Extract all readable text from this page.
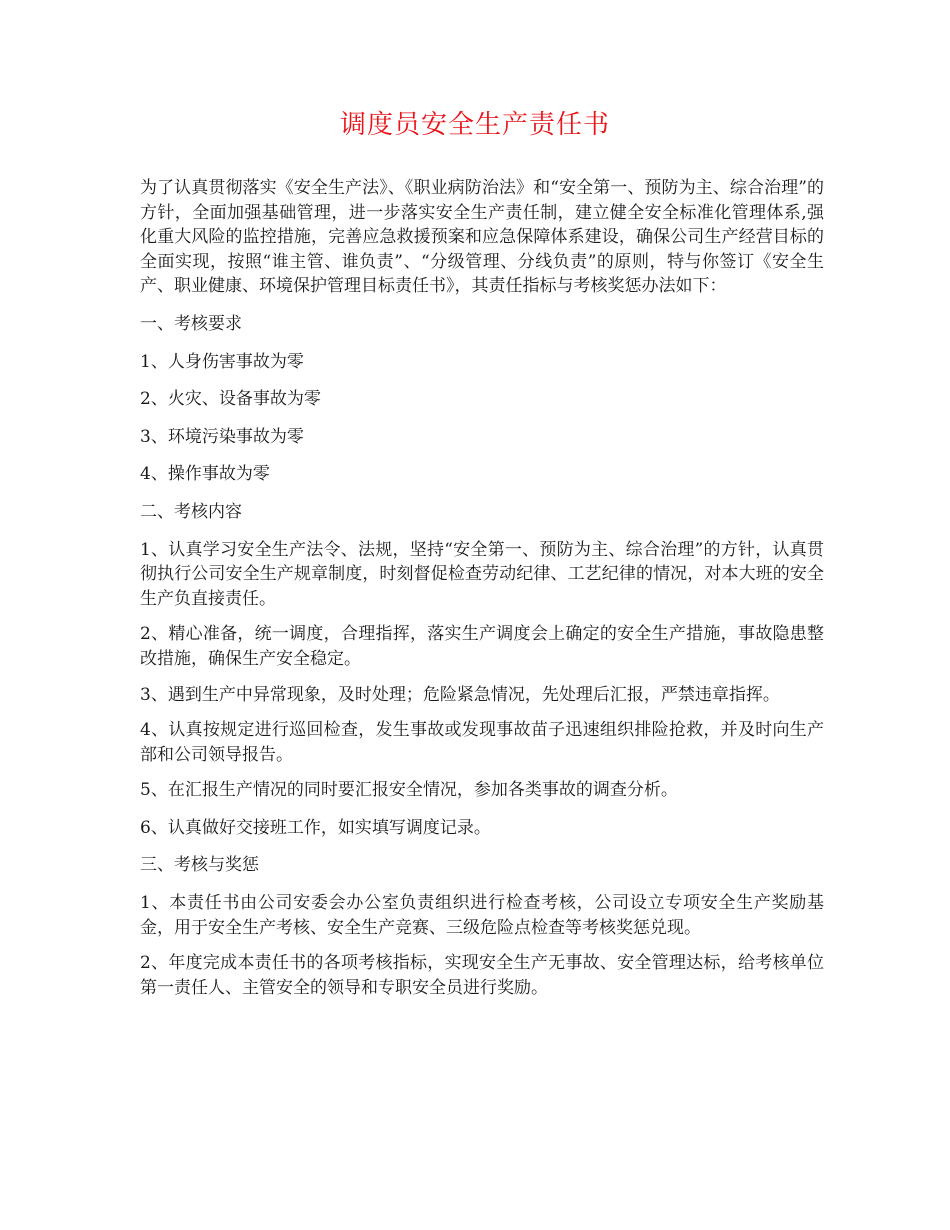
调度员安全生产责任书

为了认真贯彻落实《安全生产法》、《职业病防治法》和“安全第一、预防为主、综合治理”的方针，全面加强基础管理，进一步落实安全生产责任制，建立健全安全标准化管理体系,强化重大风险的监控措施，完善应急救援预案和应急保障体系建设，确保公司生产经营目标的全面实现，按照“谁主管、谁负责”、“分级管理、分线负责”的原则，特与你签订《安全生产、职业健康、环境保护管理目标责任书》，其责任指标与考核奖惩办法如下：

一、考核要求

1、人身伤害事故为零

2、火灾、设备事故为零

3、环境污染事故为零

4、操作事故为零

二、考核内容

1、认真学习安全生产法令、法规，坚持“安全第一、预防为主、综合治理”的方针，认真贯彻执行公司安全生产规章制度，时刻督促检查劳动纪律、工艺纪律的情况，对本大班的安全生产负直接责任。

2、精心准备，统一调度，合理指挥，落实生产调度会上确定的安全生产措施，事故隐患整改措施，确保生产安全稳定。

3、遇到生产中异常现象，及时处理；危险紧急情况，先处理后汇报，严禁违章指挥。

4、认真按规定进行巡回检查，发生事故或发现事故苗子迅速组织排险抢救，并及时向生产部和公司领导报告。

5、在汇报生产情况的同时要汇报安全情况，参加各类事故的调查分析。

6、认真做好交接班工作，如实填写调度记录。

三、考核与奖惩

1、本责任书由公司安委会办公室负责组织进行检查考核，公司设立专项安全生产奖励基金，用于安全生产考核、安全生产竞赛、三级危险点检查等考核奖惩兑现。

2、年度完成本责任书的各项考核指标，实现安全生产无事故、安全管理达标，给考核单位第一责任人、主管安全的领导和专职安全员进行奖励。
